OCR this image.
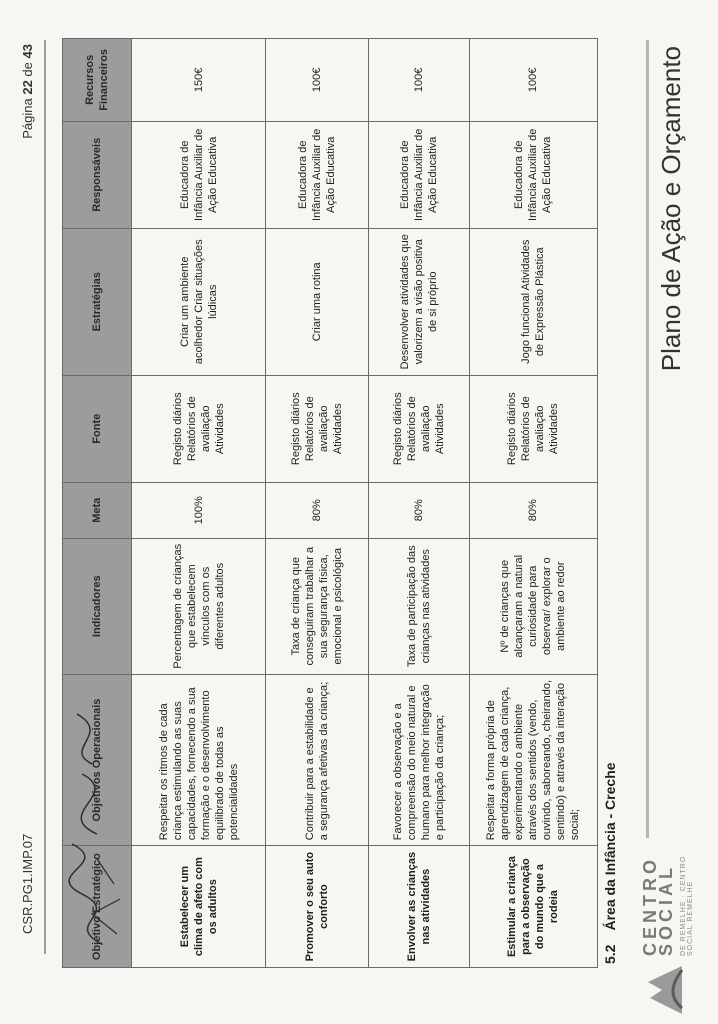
CENTRO SOCIAL DE REMELHE · CENTRO SOCIAL REMELHE
Plano de Ação e Orçamento
5.2Área da Infância - Creche
Estimular a criança para a observação do mundo que a rodeia	Respeitar a forma própria de aprendizagem de cada criança, experimentando o ambiente através dos sentidos (vendo, ouvindo, saboreando, cheirando, sentindo) e através da interação social;	Nº de crianças que alcançaram a natural curiosidade para observar/ explorar o ambiente ao redor	80%	Registo diários Relatórios de avaliação Atividades	Jogo funcional Atividades de Expressão Plástica	Educadora de Infância Auxiliar de Ação Educativa	100€

Envolver as crianças nas atividades	Favorecer a observação e a compreensão do meio natural e humano para melhor integração e participação da criança;	Taxa de participação das crianças nas atividades	80%	Registo diários Relatórios de avaliação Atividades	Desenvolver atividades que valorizem a visão positiva de si próprio	Educadora de Infância Auxiliar de Ação Educativa	100€

Promover o seu auto conforto	Contribuir para a estabilidade e a segurança afetivas da criança;	Taxa de criança que conseguiram trabalhar a sua segurança física, emocional e psicológica	80%	Registo diários Relatórios de avaliação Atividades	Criar uma rotina	Educadora de Infância Auxiliar de Ação Educativa	100€

Estabelecer um clima de afeto com os adultos	Respeitar os ritmos de cada criança estimulando as suas capacidades, fornecendo a sua formação e o desenvolvimento equilibrado de todas as potencialidades	Percentagem de crianças que estabelecem vínculos com os diferentes adultos	100%	Registo diários Relatórios de avaliação Atividades	Criar um ambiente acolhedor Criar situações lúdicas	Educadora de Infância Auxiliar de Ação Educativa	150€

Objetivo Estratégico	Objetivos Operacionais	Indicadores	Meta	Fonte	Estratégias	Responsáveis	Recursos Financeiros
CSR.PG1.IMP.07
Página 22 de 43
